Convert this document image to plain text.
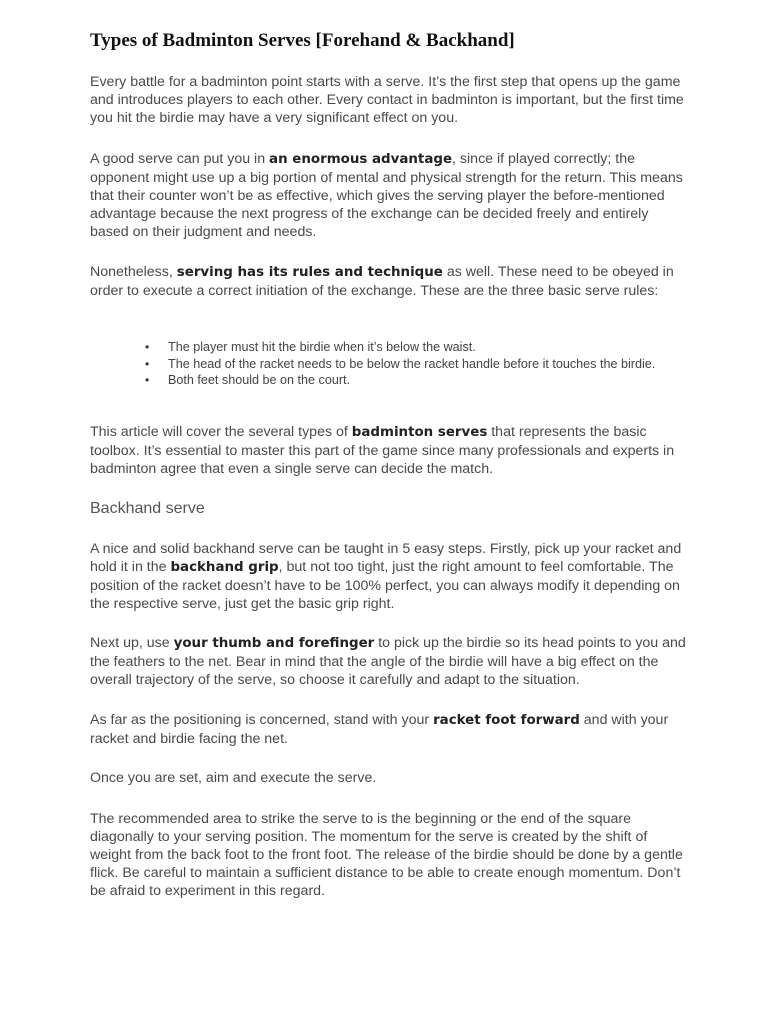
Types of Badminton Serves [Forehand & Backhand]

Every battle for a badminton point starts with a serve. It’s the first step that opens up the game and introduces players to each other. Every contact in badminton is important, but the first time you hit the birdie may have a very significant effect on you.

A good serve can put you in an enormous advantage, since if played correctly; the opponent might use up a big portion of mental and physical strength for the return. This means that their counter won’t be as effective, which gives the serving player the before-mentioned advantage because the next progress of the exchange can be decided freely and entirely based on their judgment and needs.

Nonetheless, serving has its rules and technique as well. These need to be obeyed in order to execute a correct initiation of the exchange. These are the three basic serve rules:

• The player must hit the birdie when it’s below the waist.
• The head of the racket needs to be below the racket handle before it touches the birdie.
• Both feet should be on the court.

This article will cover the several types of badminton serves that represents the basic toolbox. It’s essential to master this part of the game since many professionals and experts in badminton agree that even a single serve can decide the match.

Backhand serve

A nice and solid backhand serve can be taught in 5 easy steps. Firstly, pick up your racket and hold it in the backhand grip, but not too tight, just the right amount to feel comfortable. The position of the racket doesn’t have to be 100% perfect, you can always modify it depending on the respective serve, just get the basic grip right.

Next up, use your thumb and forefinger to pick up the birdie so its head points to you and the feathers to the net. Bear in mind that the angle of the birdie will have a big effect on the overall trajectory of the serve, so choose it carefully and adapt to the situation.

As far as the positioning is concerned, stand with your racket foot forward and with your racket and birdie facing the net.

Once you are set, aim and execute the serve.

The recommended area to strike the serve to is the beginning or the end of the square diagonally to your serving position. The momentum for the serve is created by the shift of weight from the back foot to the front foot. The release of the birdie should be done by a gentle flick. Be careful to maintain a sufficient distance to be able to create enough momentum. Don’t be afraid to experiment in this regard.
